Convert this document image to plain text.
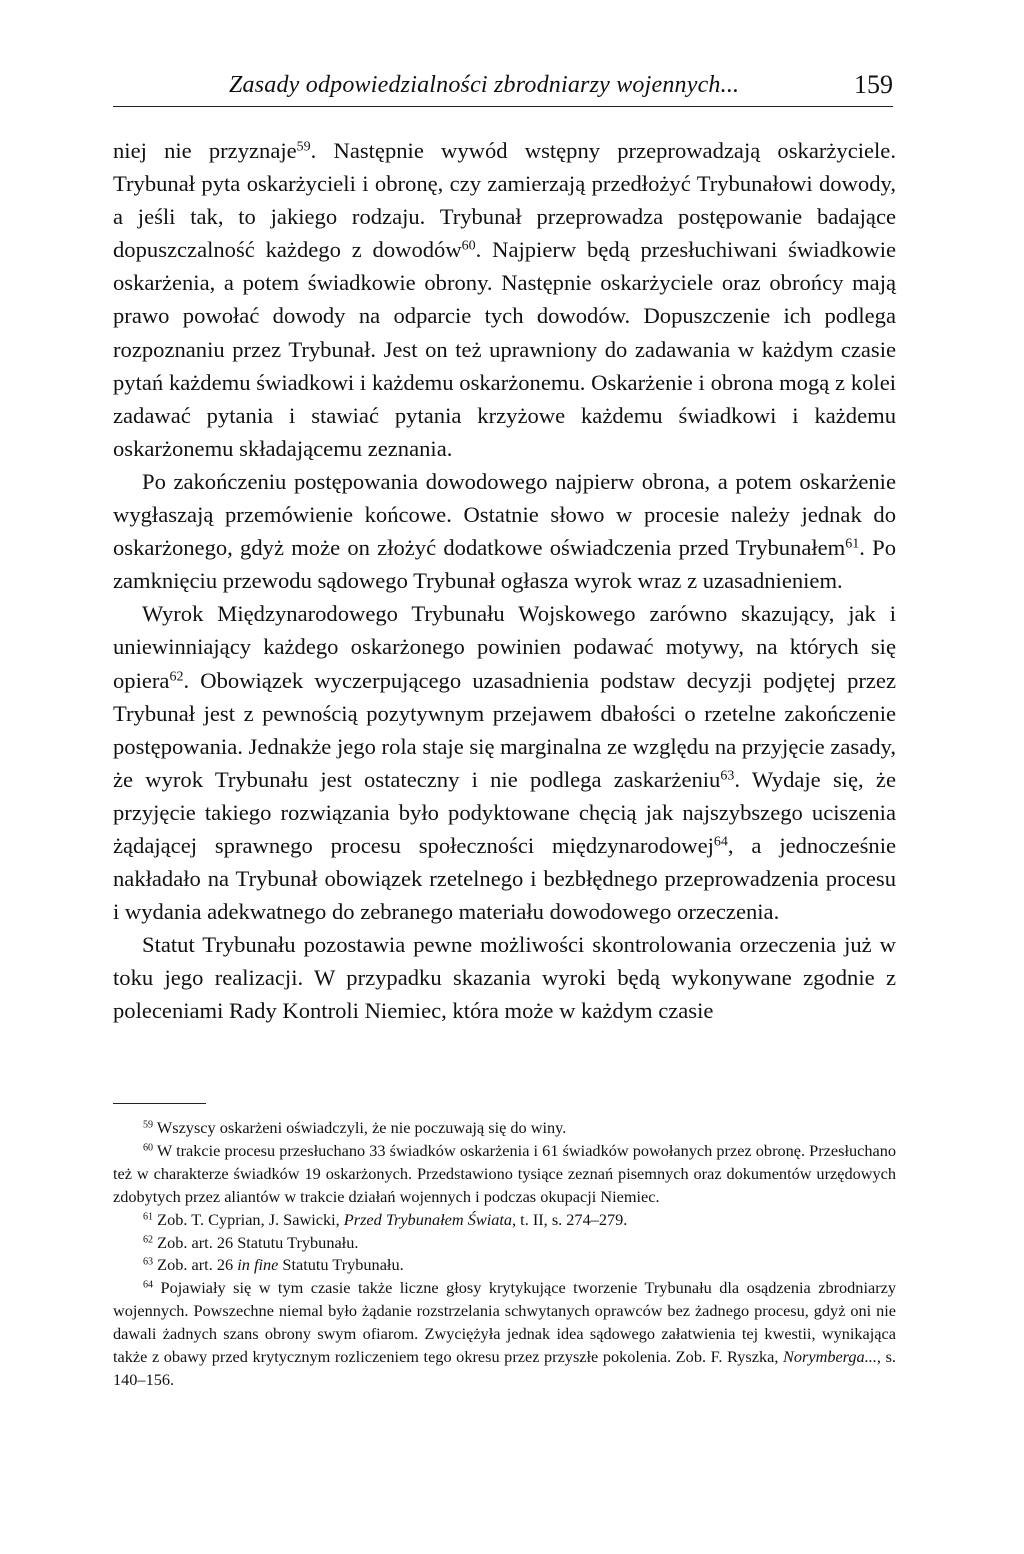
Zasady odpowiedzialności zbrodniarzy wojennych...	159

niej nie przyznaje$^{59}$. Następnie wywód wstępny przeprowadzają oskarżyciele. Trybunał pyta oskarżycieli i obronę, czy zamierzają przedłożyć Trybunałowi dowody, a jeśli tak, to jakiego rodzaju. Trybunał przeprowadza postępowanie badające dopuszczalność każdego z dowodów$^{60}$. Najpierw będą przesłuchiwani świadkowie oskarżenia, a potem świadkowie obrony. Następnie oskarżyciele oraz obrońcy mają prawo powołać dowody na odparcie tych dowodów. Dopuszczenie ich podlega rozpoznaniu przez Trybunał. Jest on też uprawniony do zadawania w każdym czasie pytań każdemu świadkowi i każdemu oskarżonemu. Oskarżenie i obrona mogą z kolei zadawać pytania i stawiać pytania krzyżowe każdemu świadkowi i każdemu oskarżonemu składającemu zeznania.

Po zakończeniu postępowania dowodowego najpierw obrona, a potem oskarżenie wygłaszają przemówienie końcowe. Ostatnie słowo w procesie należy jednak do oskarżonego, gdyż może on złożyć dodatkowe oświadczenia przed Trybunałem$^{61}$. Po zamknięciu przewodu sądowego Trybunał ogłasza wyrok wraz z uzasadnieniem.

Wyrok Międzynarodowego Trybunału Wojskowego zarówno skazujący, jak i uniewinniający każdego oskarżonego powinien podawać motywy, na których się opiera$^{62}$. Obowiązek wyczerpującego uzasadnienia podstaw decyzji podjętej przez Trybunał jest z pewnością pozytywnym przejawem dbałości o rzetelne zakończenie postępowania. Jednakże jego rola staje się marginalna ze względu na przyjęcie zasady, że wyrok Trybunału jest ostateczny i nie podlega zaskarżeniu$^{63}$. Wydaje się, że przyjęcie takiego rozwiązania było podyktowane chęcią jak najszybszego uciszenia żądającej sprawnego procesu społeczności międzynarodowej$^{64}$, a jednocześnie nakładało na Trybunał obowiązek rzetelnego i bezbłędnego przeprowadzenia procesu i wydania adekwatnego do zebranego materiału dowodowego orzeczenia.

Statut Trybunału pozostawia pewne możliwości skontrolowania orzeczenia już w toku jego realizacji. W przypadku skazania wyroki będą wykonywane zgodnie z poleceniami Rady Kontroli Niemiec, która może w każdym czasie

$^{59}$ Wszyscy oskarżeni oświadczyli, że nie poczuwają się do winy.

$^{60}$ W trakcie procesu przesłuchano 33 świadków oskarżenia i 61 świadków powołanych przez obronę. Przesłuchano też w charakterze świadków 19 oskarżonych. Przedstawiono tysiące zeznań pisemnych oraz dokumentów urzędowych zdobytych przez aliantów w trakcie działań wojennych i podczas okupacji Niemiec.

$^{61}$ Zob. T. Cyprian, J. Sawicki, Przed Trybunałem Świata, t. II, s. 274–279.

$^{62}$ Zob. art. 26 Statutu Trybunału.

$^{63}$ Zob. art. 26 in fine Statutu Trybunału.

$^{64}$ Pojawiały się w tym czasie także liczne głosy krytykujące tworzenie Trybunału dla osądzenia zbrodniarzy wojennych. Powszechne niemal było żądanie rozstrzelania schwytanych oprawców bez żadnego procesu, gdyż oni nie dawali żadnych szans obrony swym ofiarom. Zwyciężyła jednak idea sądowego załatwienia tej kwestii, wynikająca także z obawy przed krytycznym rozliczeniem tego okresu przez przyszłe pokolenia. Zob. F. Ryszka, Norymberga..., s. 140–156.
